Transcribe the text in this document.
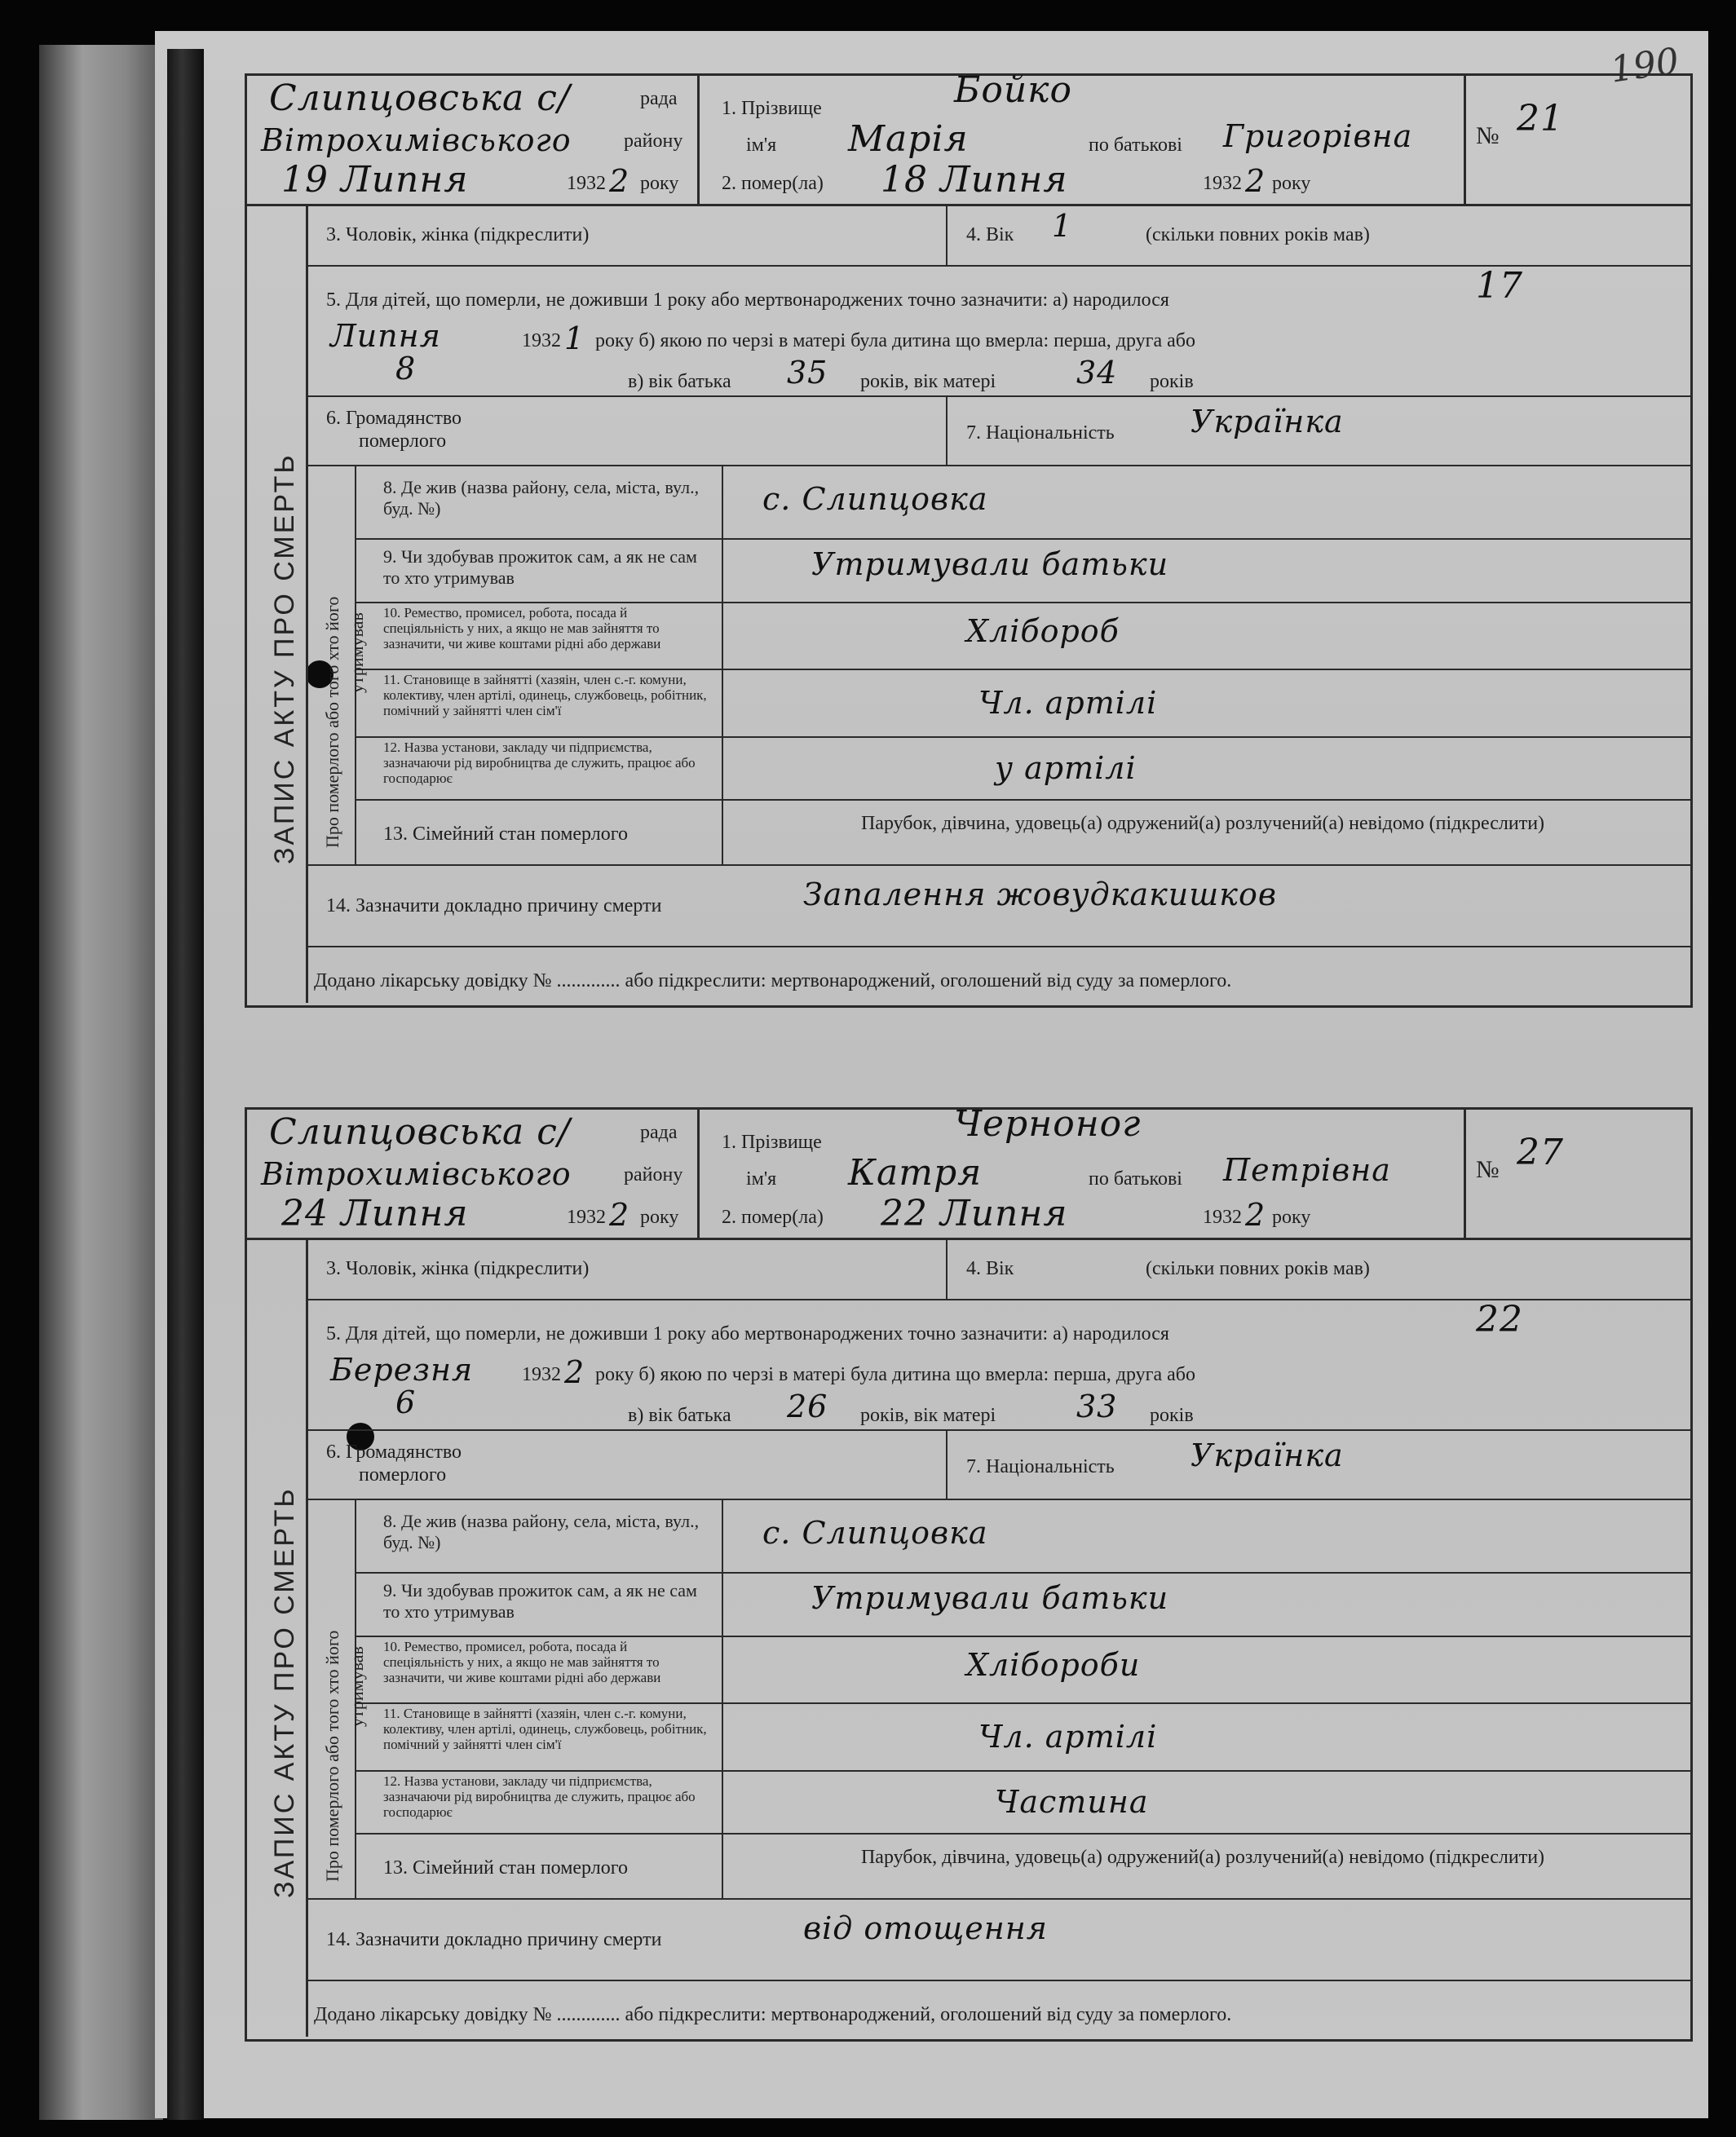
190
ЗАПИС АКТУ ПРО СМЕРТЬ Про померлого або того хто його утримував
Слипцовська с/	рада
Вітрохимівського	району
19 Липня	1932 2 року
1. Прізвище	Бойко
ім'я Марія	по батькові Григорівна
2. помер(ла) 18 Липня	1932 2 року
№ 21
3. Чоловік, жінка (підкреслити)	4. Вік 1	(скільки повних років мав)
5. Для дітей, що померли, не доживши 1 року або мертвонароджених точно зазначити: а) народилося	17
Липня	1932 1 року б) якою по черзі в матері була дитина що вмерла: перша, друга або
8	в) вік батька 35 років, вік матері	34 років
6. Громадянство
померлого	7. Національність Українка
8. Де жив (назва району, села, міста, вул., буд. №)	с. Слипцовка
9. Чи здобував прожиток сам, а як не сам то хто утримував	Утримували батьки
10. Ремество, промисел, робота, посада й спеціяльність у них, а якщо не мав зайняття то зазначити, чи живе коштами рідні або держави	Хлібороб
11. Становище в зайнятті (хазяін, член с.-г. комуни, колективу, член артілі, одинець, службовець, робітник, помічний у зайнятті член сім'ї	Чл. артілі
12. Назва установи, закладу чи підприємства, зазначаючи рід виробництва де служить, працює або господарює	у артілі
13. Сімейний стан померлого	Парубок, дівчина, удовець(а) одружений(а) розлучений(а) невідомо (підкреслити)
14. Зазначити докладно причину смерти	Запалення жовудкакишков
Додано лікарську довідку № ............. або підкреслити: мертвонароджений, оголошений від суду за померлого.
ЗАПИС АКТУ ПРО СМЕРТЬ Про померлого або того хто його утримував
Слипцовська с/	рада
Вітрохимівського	району
24 Липня	1932 2 року
1. Прізвище	Черноног
ім'я Катря	по батькові Петрівна
2. помер(ла) 22 Липня	1932 2 року
№ 27
3. Чоловік, жінка (підкреслити)	4. Вік	(скільки повних років мав)
5. Для дітей, що померли, не доживши 1 року або мертвонароджених точно зазначити: а) народилося	22
Березня 1932 2 року б) якою по черзі в матері була дитина що вмерла: перша, друга або
6	в) вік батька 26 років, вік матері	33 років
6. Громадянство
померлого	7. Національність Українка
8. Де жив (назва району, села, міста, вул., буд. №)	с. Слипцовка
9. Чи здобував прожиток сам, а як не сам то хто утримував	Утримували батьки
10. Ремество, промисел, робота, посада й спеціяльність у них, а якщо не мав зайняття то зазначити, чи живе коштами рідні або держави	Хлібороби
11. Становище в зайнятті (хазяін, член с.-г. комуни, колективу, член артілі, одинець, службовець, робітник, помічний у зайнятті член сім'ї	Чл. артілі
12. Назва установи, закладу чи підприємства, зазначаючи рід виробництва де служить, працює або господарює	Частина
13. Сімейний стан померлого	Парубок, дівчина, удовець(а) одружений(а) розлучений(а) невідомо (підкреслити)
14. Зазначити докладно причину смерти	від отощення
Додано лікарську довідку № ............. або підкреслити: мертвонароджений, оголошений від суду за померлого.
